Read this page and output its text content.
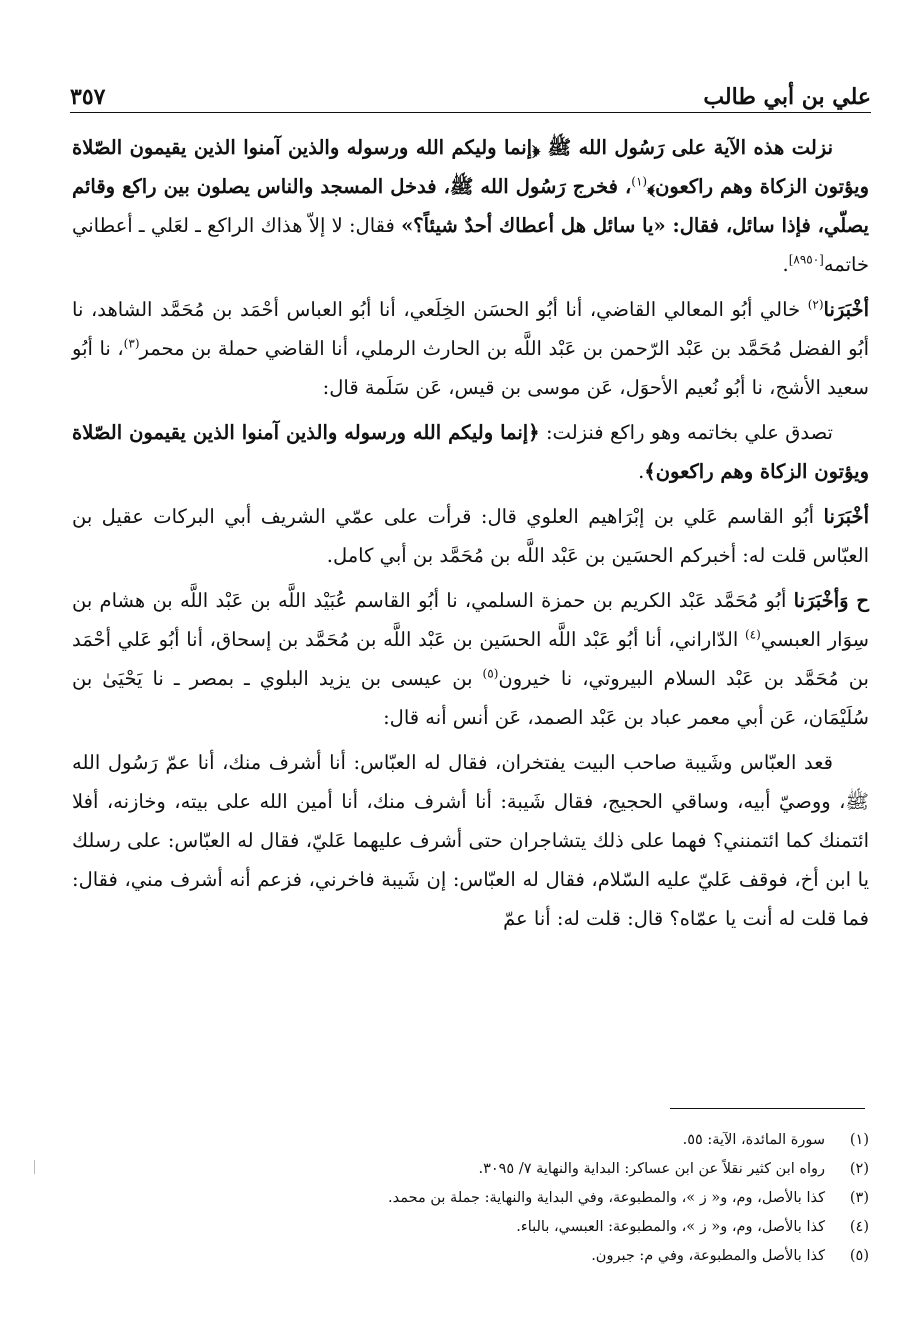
علي بن أبي طالب
٣٥٧

نزلت هذه الآية على رَسُول الله ﷺ ﴿إنما وليكم الله ورسوله والذين آمنوا الذين يقيمون الصّلاة ويؤتون الزكاة وهم راكعون﴾$^{(١)}$، فخرج رَسُول الله ﷺ، فدخل المسجد والناس يصلون بين راكع وقائم يصلّي، فإذا سائل، فقال: «يا سائل هل أعطاك أحدٌ شيئاً؟» فقال: لا إلاّ هذاك الراكع ـ لعَلي ـ أعطاني خاتمه[٨٩٥٠].

أخْبَرَنا$^{(٢)}$ خالي أبُو المعالي القاضي، أنا أبُو الحسَن الخِلَعي، أنا أبُو العباس أحْمَد بن مُحَمَّد الشاهد، نا أبُو الفضل مُحَمَّد بن عَبْد الرّحمن بن عَبْد اللَّه بن الحارث الرملي، أنا القاضي حملة بن محمر$^{(٣)}$، نا أبُو سعيد الأشج، نا أبُو نُعيم الأحوَل، عَن موسى بن قيس، عَن سَلَمة قال:

تصدق علي بخاتمه وهو راكع فنزلت: ﴿إنما وليكم الله ورسوله والذين آمنوا الذين يقيمون الصّلاة ويؤتون الزكاة وهم راكعون﴾.

أخْبَرَنا أبُو القاسم عَلي بن إبْرَاهيم العلوي قال: قرأت على عمّي الشريف أبي البركات عقيل بن العبّاس قلت له: أخبركم الحسَين بن عَبْد اللَّه بن مُحَمَّد بن أبي كامل.

ح وَأخْبَرَنا أبُو مُحَمَّد عَبْد الكريم بن حمزة السلمي، نا أبُو القاسم عُبَيْد اللَّه بن عَبْد اللَّه بن هشام بن سِوَار العبسي$^{(٤)}$ الدّاراني، أنا أبُو عَبْد اللَّه الحسَين بن عَبْد اللَّه بن مُحَمَّد بن إسحاق، أنا أبُو عَلي أحْمَد بن مُحَمَّد بن عَبْد السلام البيروتي، نا خيرون$^{(٥)}$ بن عيسى بن يزيد البلوي ـ بمصر ـ نا يَحْيَىٰ بن سُلَيْمَان، عَن أبي معمر عباد بن عَبْد الصمد، عَن أنس أنه قال:

قعد العبّاس وشَيبة صاحب البيت يفتخران، فقال له العبّاس: أنا أشرف منك، أنا عمّ رَسُول الله ﷺ، ووصيّ أبيه، وساقي الحجيج، فقال شَيبة: أنا أشرف منك، أنا أمين الله على بيته، وخازنه، أفلا ائتمنك كما ائتمنني؟ فهما على ذلك يتشاجران حتى أشرف عليهما عَليّ، فقال له العبّاس: على رسلك يا ابن أخ، فوقف عَليّ عليه السّلام، فقال له العبّاس: إن شَيبة فاخرني، فزعم أنه أشرف مني، فقال: فما قلت له أنت يا عمّاه؟ قال: قلت له: أنا عمّ

(١)
سورة المائدة، الآية: ٥٥.
(٢)
رواه ابن كثير نقلاً عن ابن عساكر: البداية والنهاية ٧/ ٣٠٩٥.
(٣)
كذا بالأصل، وم، و« ز »، والمطبوعة، وفي البداية والنهاية: جملة بن محمد.
(٤)
كذا بالأصل، وم، و« ز »، والمطبوعة: العبسي، بالباء.
(٥)
كذا بالأصل والمطبوعة، وفي م: جبرون.
